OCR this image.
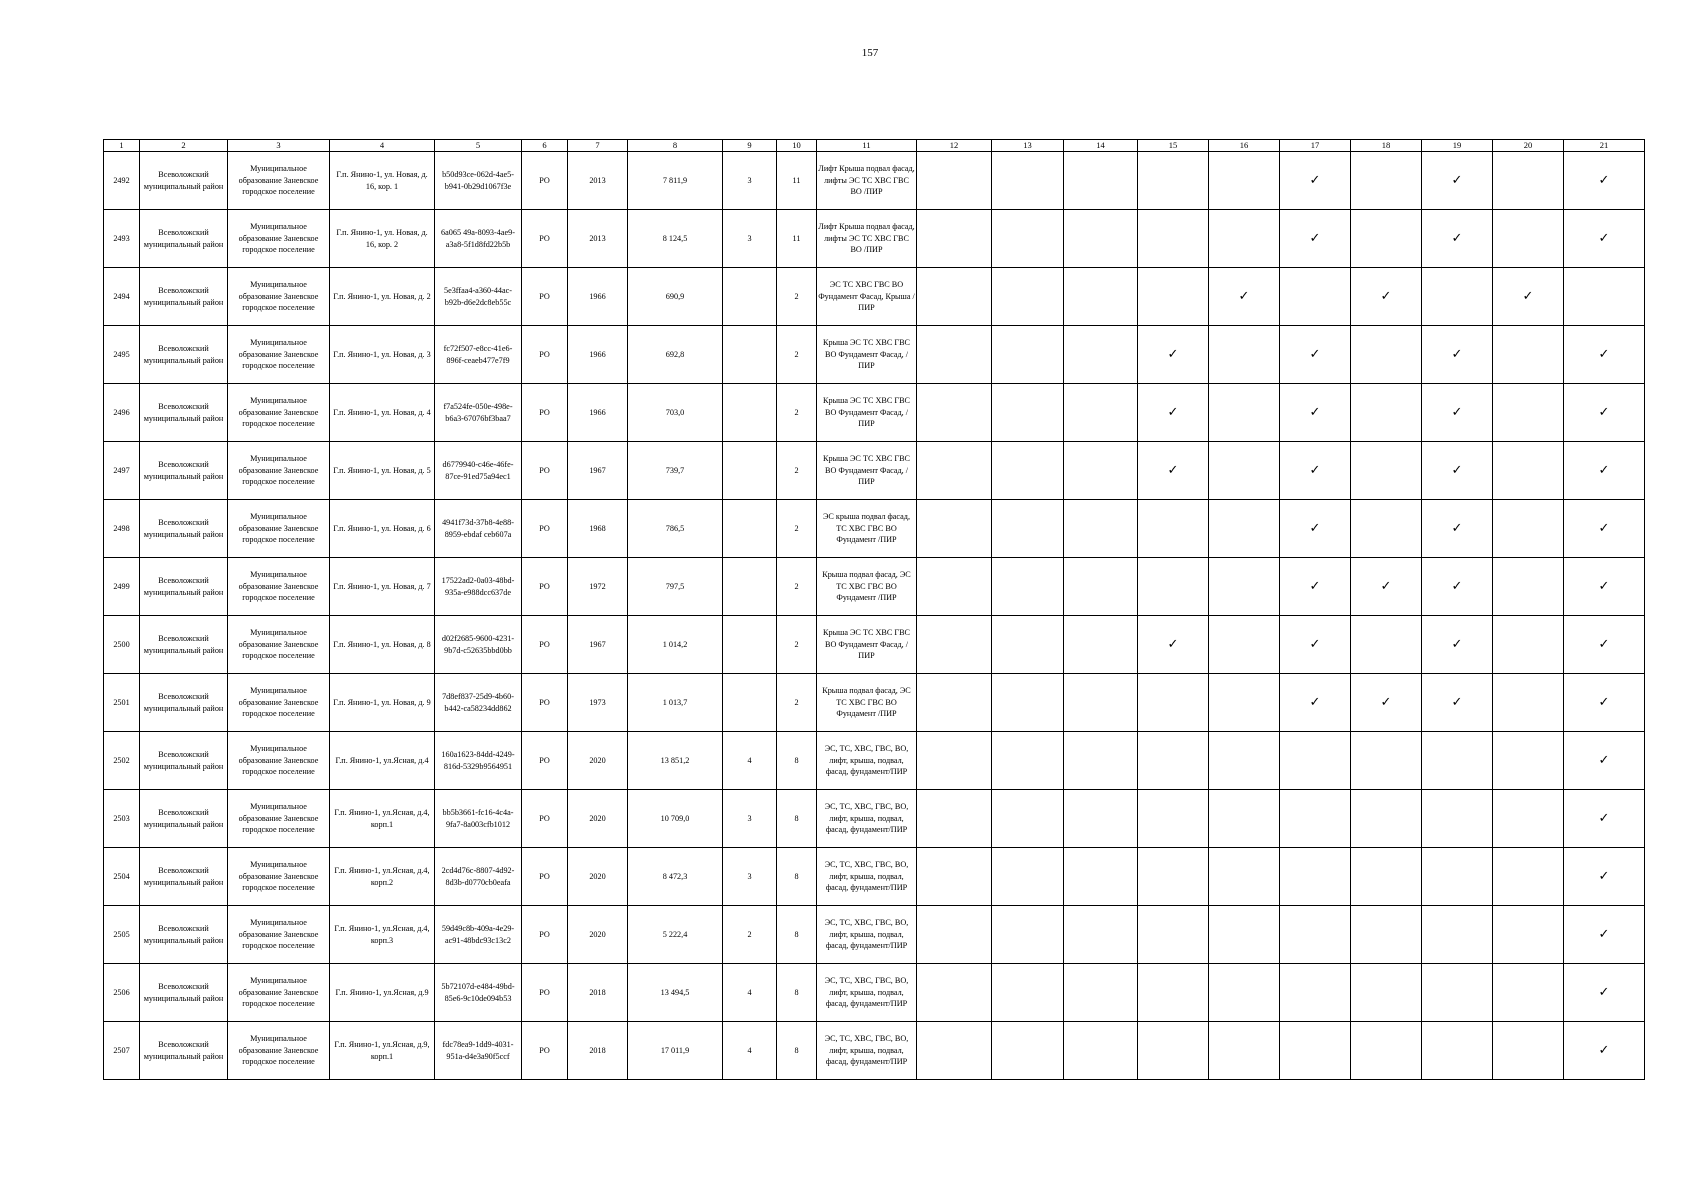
157
1	2	3	4	5	6	7	8	9	10	11	12	13	14	15	16	17	18	19	20	21
2492	Всеволожский муниципальный район	Муниципальное образование Заневское городское поселение	Г.п. Янино-1, ул. Новая, д. 16, кор. 1	b50d93ce-062d-4ae5-b941-0b29d1067f3e	РО	2013	7 811,9	3	11	Лифт Крыша подвал фасад, лифты ЭС ТС ХВС ГВС ВО /ПИР						✓		✓		✓
2493	Всеволожский муниципальный район	Муниципальное образование Заневское городское поселение	Г.п. Янино-1, ул. Новая, д. 16, кор. 2	6a065 49a-8093-4ae9-a3a8-5f1d8fd22b5b	РО	2013	8 124,5	3	11	Лифт Крыша подвал фасад, лифты ЭС ТС ХВС ГВС ВО /ПИР						✓		✓		✓
2494	Всеволожский муниципальный район	Муниципальное образование Заневское городское поселение	Г.п. Янино-1, ул. Новая, д. 2	5e3ffaa4-a360-44ac-b92b-d6e2dc8eb55c	РО	1966	690,9		2	ЭС ТС ХВС ГВС ВО Фундамент Фасад, Крыша /ПИР					✓		✓		✓	
2495	Всеволожский муниципальный район	Муниципальное образование Заневское городское поселение	Г.п. Янино-1, ул. Новая, д. 3	fc72f507-e8cc-41e6-896f-ceaeb477e7f9	РО	1966	692,8		2	Крыша ЭС ТС ХВС ГВС ВО Фундамент Фасад, /ПИР				✓		✓		✓		✓
2496	Всеволожский муниципальный район	Муниципальное образование Заневское городское поселение	Г.п. Янино-1, ул. Новая, д. 4	f7a524fe-050e-498e-b6a3-67076bf3baa7	РО	1966	703,0		2	Крыша ЭС ТС ХВС ГВС ВО Фундамент Фасад, /ПИР				✓		✓		✓		✓
2497	Всеволожский муниципальный район	Муниципальное образование Заневское городское поселение	Г.п. Янино-1, ул. Новая, д. 5	d6779940-c46e-46fe-87ce-91ed75a94ec1	РО	1967	739,7		2	Крыша ЭС ТС ХВС ГВС ВО Фундамент Фасад, /ПИР				✓		✓		✓		✓
2498	Всеволожский муниципальный район	Муниципальное образование Заневское городское поселение	Г.п. Янино-1, ул. Новая, д. 6	4941f73d-37b8-4e88-8959-ebdaf ceb607a	РО	1968	786,5		2	ЭС крыша подвал фасад, ТС ХВС ГВС ВО Фундамент /ПИР						✓		✓		✓
2499	Всеволожский муниципальный район	Муниципальное образование Заневское городское поселение	Г.п. Янино-1, ул. Новая, д. 7	17522ad2-0a03-48bd-935a-e988dcc637de	РО	1972	797,5		2	Крыша подвал фасад, ЭС ТС ХВС ГВС ВО Фундамент /ПИР						✓	✓	✓		✓
2500	Всеволожский муниципальный район	Муниципальное образование Заневское городское поселение	Г.п. Янино-1, ул. Новая, д. 8	d02f2685-9600-4231-9b7d-c52635bbd0bb	РО	1967	1 014,2		2	Крыша ЭС ТС ХВС ГВС ВО Фундамент Фасад, /ПИР				✓		✓		✓		✓
2501	Всеволожский муниципальный район	Муниципальное образование Заневское городское поселение	Г.п. Янино-1, ул. Новая, д. 9	7d8ef837-25d9-4b60-b442-ca58234dd862	РО	1973	1 013,7		2	Крыша подвал фасад, ЭС ТС ХВС ГВС ВО Фундамент /ПИР						✓	✓	✓		✓
2502	Всеволожский муниципальный район	Муниципальное образование Заневское городское поселение	Г.п. Янино-1, ул.Ясная, д.4	160a1623-84dd-4249-816d-5329b9564951	РО	2020	13 851,2	4	8	ЭС, ТС, ХВС, ГВС, ВО, лифт, крыша, подвал, фасад, фундамент/ПИР										✓
2503	Всеволожский муниципальный район	Муниципальное образование Заневское городское поселение	Г.п. Янино-1, ул.Ясная, д.4, корп.1	bb5b3661-fc16-4c4a-9fa7-8a003cfb1012	РО	2020	10 709,0	3	8	ЭС, ТС, ХВС, ГВС, ВО, лифт, крыша, подвал, фасад, фундамент/ПИР										✓
2504	Всеволожский муниципальный район	Муниципальное образование Заневское городское поселение	Г.п. Янино-1, ул.Ясная, д.4, корп.2	2cd4d76c-8807-4d92-8d3b-d0770cb0eafa	РО	2020	8 472,3	3	8	ЭС, ТС, ХВС, ГВС, ВО, лифт, крыша, подвал, фасад, фундамент/ПИР										✓
2505	Всеволожский муниципальный район	Муниципальное образование Заневское городское поселение	Г.п. Янино-1, ул.Ясная, д.4, корп.3	59d49c8b-409a-4e29-ac91-48bdc93c13c2	РО	2020	5 222,4	2	8	ЭС, ТС, ХВС, ГВС, ВО, лифт, крыша, подвал, фасад, фундамент/ПИР										✓
2506	Всеволожский муниципальный район	Муниципальное образование Заневское городское поселение	Г.п. Янино-1, ул.Ясная, д.9	5b72107d-e484-49bd-85e6-9c10de094b53	РО	2018	13 494,5	4	8	ЭС, ТС, ХВС, ГВС, ВО, лифт, крыша, подвал, фасад, фундамент/ПИР										✓
2507	Всеволожский муниципальный район	Муниципальное образование Заневское городское поселение	Г.п. Янино-1, ул.Ясная, д.9, корп.1	fdc78ea9-1dd9-4031-951a-d4e3a90f5ccf	РО	2018	17 011,9	4	8	ЭС, ТС, ХВС, ГВС, ВО, лифт, крыша, подвал, фасад, фундамент/ПИР										✓
